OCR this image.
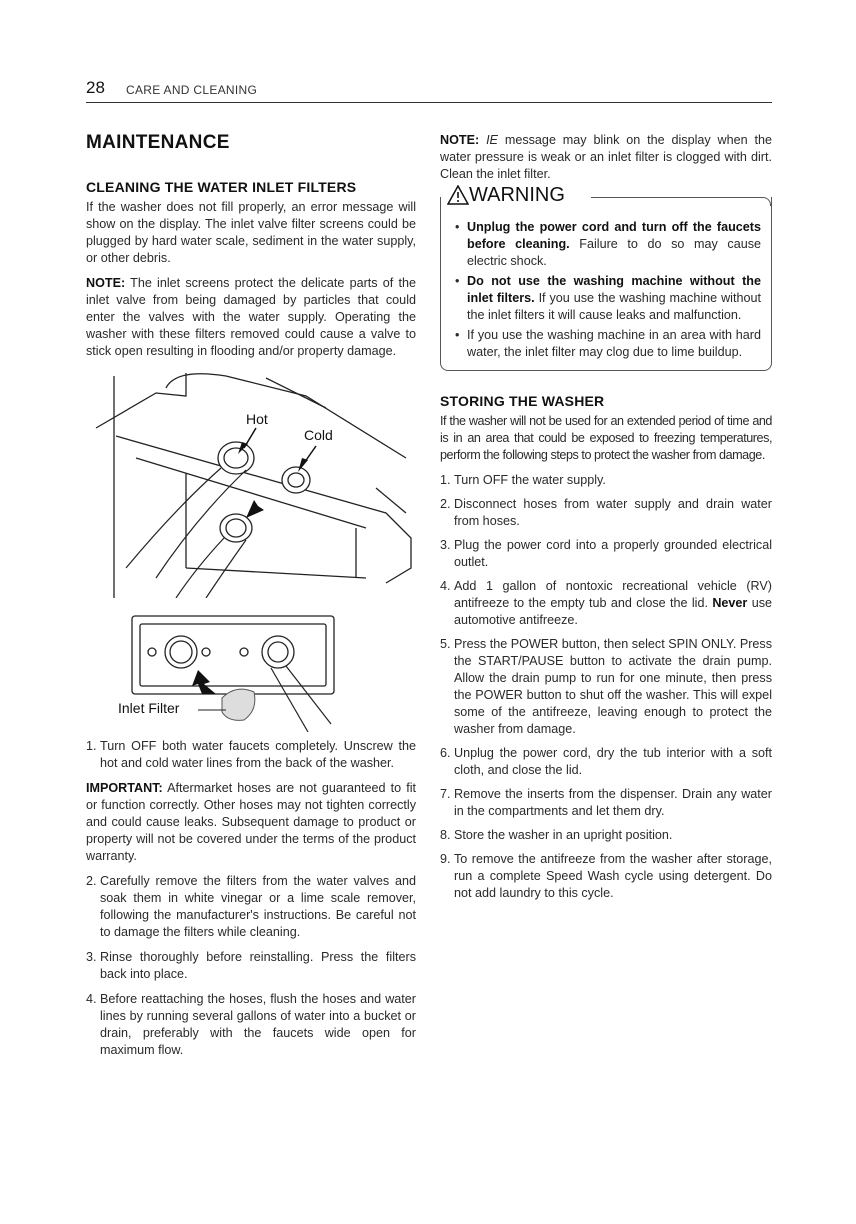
28 CARE AND CLEANING
MAINTENANCE
CLEANING THE WATER INLET FILTERS

If the washer does not fill properly, an error message will show on the display. The inlet valve filter screens could be plugged by hard water scale, sediment in the water supply, or other debris.

NOTE: The inlet screens protect the delicate parts of the inlet valve from being damaged by particles that could enter the valves with the water supply. Operating the washer with these filters removed could cause a valve to stick open resulting in flooding and/or property damage.

Hot
Cold
Inlet Filter
1. Turn OFF both water faucets completely. Unscrew the hot and cold water lines from the back of the washer.

IMPORTANT: Aftermarket hoses are not guaranteed to fit or function correctly. Other hoses may not tighten correctly and could cause leaks. Subsequent damage to product or property will not be covered under the terms of the product warranty.

2. Carefully remove the filters from the water valves and soak them in white vinegar or a lime scale remover, following the manufacturer's instructions. Be careful not to damage the filters while cleaning.
3. Rinse thoroughly before reinstalling. Press the filters back into place.
4. Before reattaching the hoses, flush the hoses and water lines by running several gallons of water into a bucket or drain, preferably with the faucets wide open for maximum flow.

NOTE: IE message may blink on the display when the water pressure is weak or an inlet filter is clogged with dirt. Clean the inlet filter.

WARNING
• Unplug the power cord and turn off the faucets before cleaning. Failure to do so may cause electric shock.
• Do not use the washing machine without the inlet filters. If you use the washing machine without the inlet filters it will cause leaks and malfunction.
• If you use the washing machine in an area with hard water, the inlet filter may clog due to lime buildup.
STORING THE WASHER

If the washer will not be used for an extended period of time and is in an area that could be exposed to freezing temperatures, perform the following steps to protect the washer from damage.

1. Turn OFF the water supply.
2. Disconnect hoses from water supply and drain water from hoses.
3. Plug the power cord into a properly grounded electrical outlet.
4. Add 1 gallon of nontoxic recreational vehicle (RV) antifreeze to the empty tub and close the lid. Never use automotive antifreeze.
5. Press the POWER button, then select SPIN ONLY. Press the START/PAUSE button to activate the drain pump. Allow the drain pump to run for one minute, then press the POWER button to shut off the washer. This will expel some of the antifreeze, leaving enough to protect the washer from damage.
6. Unplug the power cord, dry the tub interior with a soft cloth, and close the lid.
7. Remove the inserts from the dispenser. Drain any water in the compartments and let them dry.
8. Store the washer in an upright position.
9. To remove the antifreeze from the washer after storage, run a complete Speed Wash cycle using detergent. Do not add laundry to this cycle.
